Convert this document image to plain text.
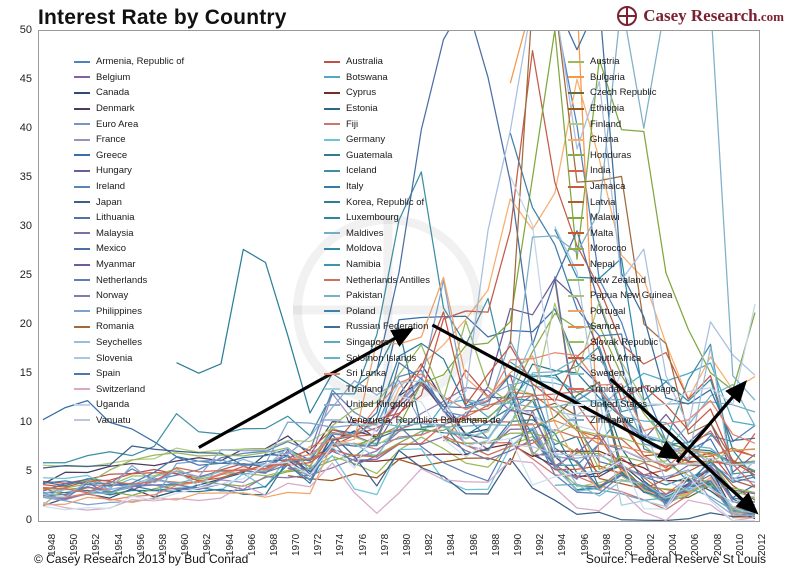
Interest Rate by Country	Casey Research.com
Armenia, Republic of
Belgium
Canada
Denmark
Euro Area
France
Greece
Hungary
Ireland
Japan
Lithuania
Malaysia
Mexico
Myanmar
Netherlands
Norway
Philippines
Romania
Seychelles
Slovenia
Spain
Switzerland
Uganda
Vanuatu
Australia
Botswana
Cyprus
Estonia
Fiji
Germany
Guatemala
Iceland
Italy
Korea, Republic of
Luxembourg
Maldives
Moldova
Namibia
Netherlands Antilles
Pakistan
Poland
Russian Federation
Singapore
Solomon Islands
Sri Lanka
Thailand
United Kingdom
Venezuela, Republica Bolivariana de
Austria
Bulgaria
Czech Republic
Ethiopia
Finland
Ghana
Honduras
India
Jamaica
Latvia
Malawi
Malta
Morocco
Nepal
New Zealand
Papua New Guinea
Portugal
Samoa
Slovak Republic
South Africa
Sweden
Trinidad and Tobago
United States
Zimbabwe
0
5
10
15
20
25
30
35
40
45
50
1948 1950 1952 1954 1956 1958 1960 1962 1964 1966 1968 1970 1972 1974 1976 1978 1980 1982 1984 1986 1988 1990 1992 1994 1996 1998 2000 2002 2004 2006 2008 2010 2012
© Casey Research 2013 by Bud Conrad	Source: Federal Reserve St Louis
